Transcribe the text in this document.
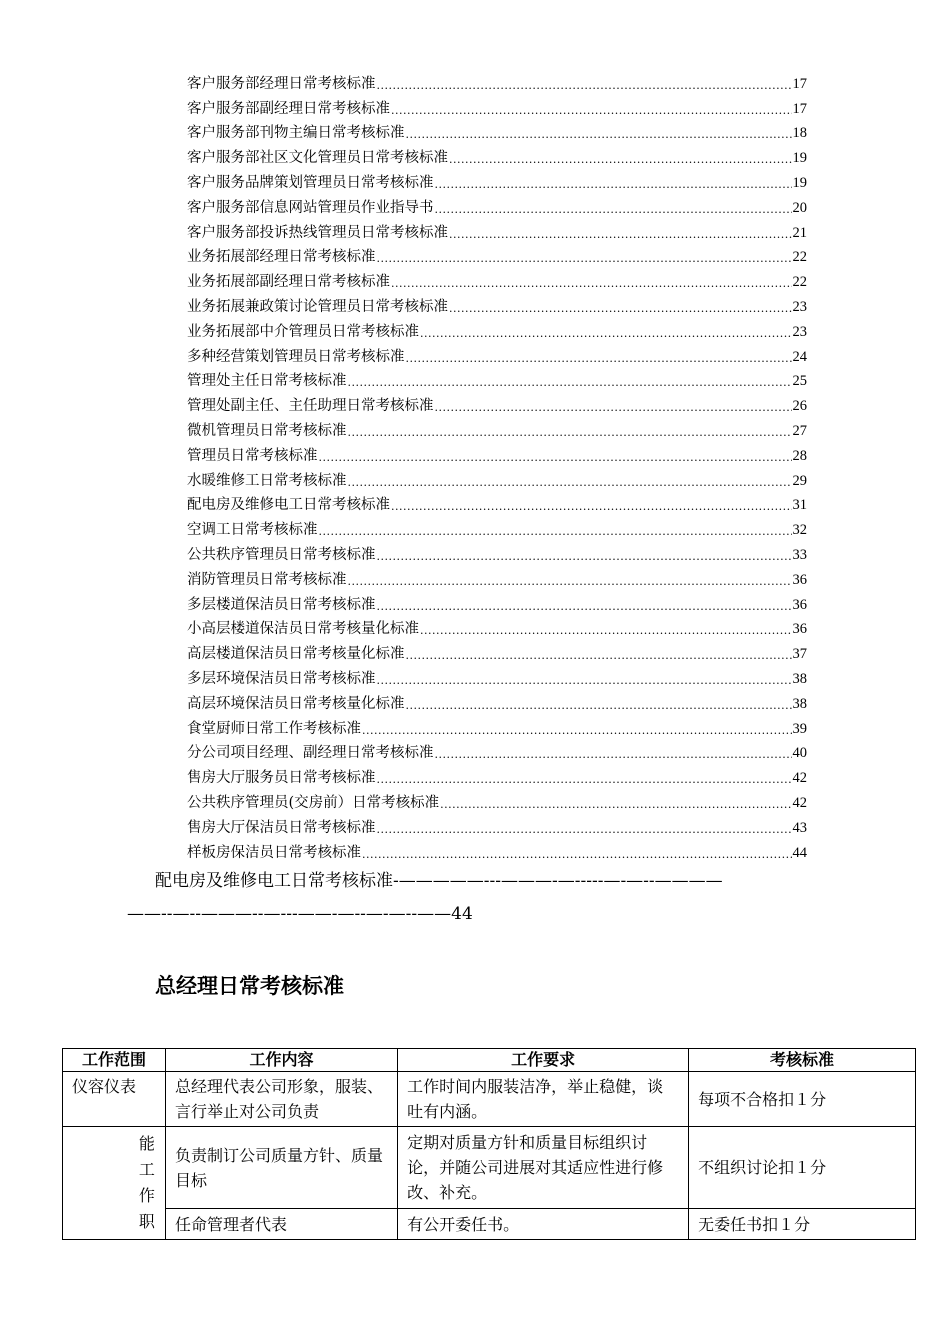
客户服务部经理日常考核标准 .....	17
客户服务部副经理日常考核标准 .....	17
客户服务部刊物主编日常考核标准 .....	18
客户服务部社区文化管理员日常考核标准 .....	19
客户服务品牌策划管理员日常考核标准 .....	19
客户服务部信息网站管理员作业指导书 .....	20
客户服务部投诉热线管理员日常考核标准 .....	21
业务拓展部经理日常考核标准 .....	22
业务拓展部副经理日常考核标准 .....	22
业务拓展兼政策讨论管理员日常考核标准 .....	23
业务拓展部中介管理员日常考核标准 .....	23
多种经营策划管理员日常考核标准 .....	24
管理处主任日常考核标准 .....	25
管理处副主任、主任助理日常考核标准 .....	26
微机管理员日常考核标准 .....	27
管理员日常考核标准 .....	28
水暖维修工日常考核标准 .....	29
配电房及维修电工日常考核标准 .....	31
空调工日常考核标准 .....	32
公共秩序管理员日常考核标准 .....	33
消防管理员日常考核标准 .....	36
多层楼道保洁员日常考核标准 .....	36
小高层楼道保洁员日常考核量化标准 .....	36
高层楼道保洁员日常考核量化标准 .....	37
多层环境保洁员日常考核标准 .....	38
高层环境保洁员日常考核量化标准 .....	38
食堂厨师日常工作考核标准 .....	39
分公司项目经理、副经理日常考核标准 .....	40
售房大厅服务员日常考核标准 .....	42
公共秩序管理员(交房前）日常考核标准 .....	42
售房大厅保洁员日常考核标准 .....	43
样板房保洁员日常考核标准 .....	44
配电房及维修电工日常考核标准-—————---———-—-----—-—--————
——--—--———--—---——-—--—-—--——44
总经理日常考核标准
工作范围	工作内容	工作要求	考核标准
仪容仪表	总经理代表公司形象，服装、言行举止对公司负责	工作时间内服装洁净，举止稳健，谈吐有内涵。	每项不合格扣１分

能
工
作
职	负责制订公司质量方针、质量目标	定期对质量方针和质量目标组织讨论，并随公司进展对其适应性进行修改、补充。	不组织讨论扣１分
	任命管理者代表	有公开委任书。	无委任书扣１分
